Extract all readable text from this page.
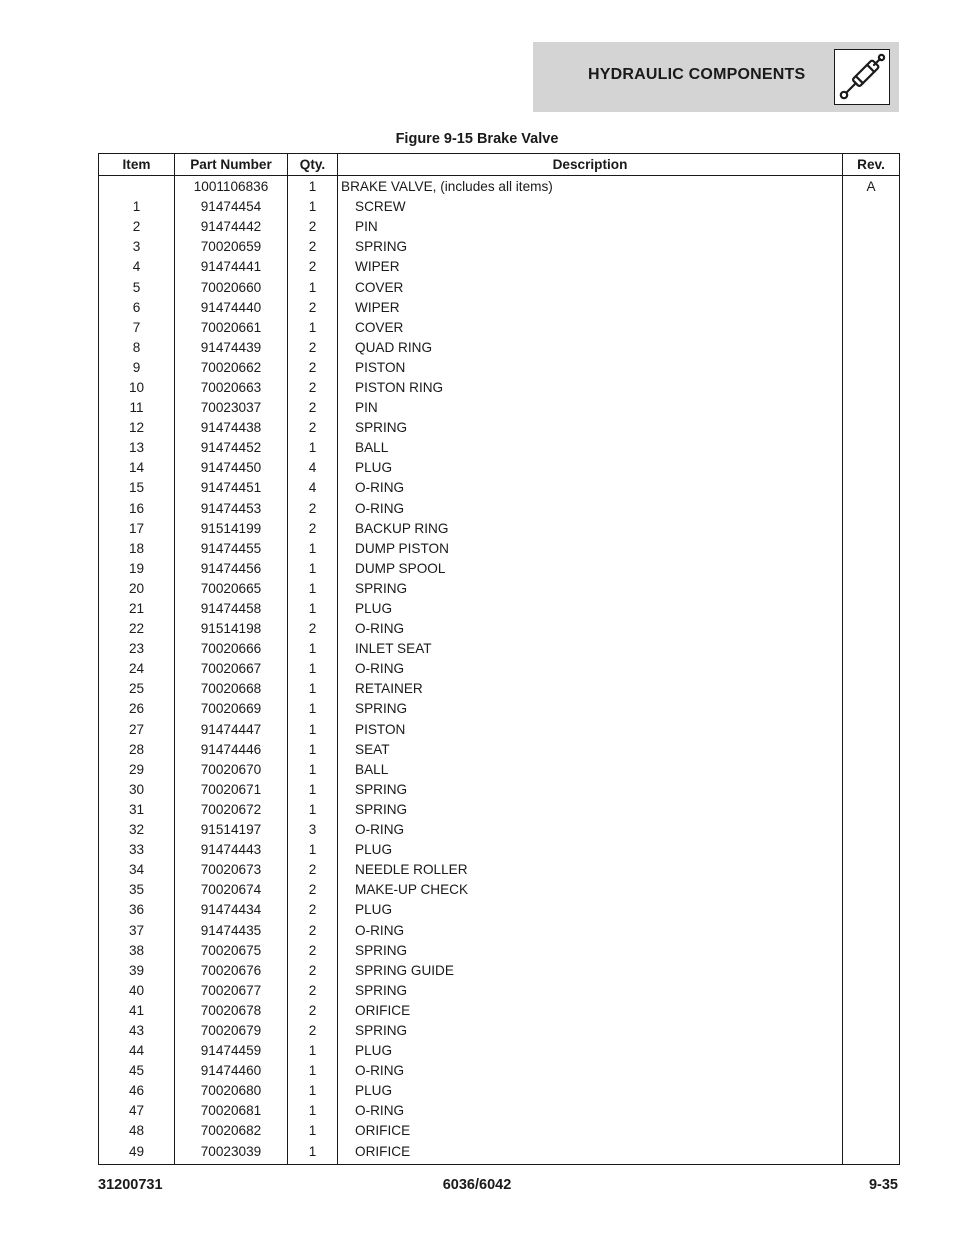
HYDRAULIC COMPONENTS
Figure 9-15 Brake Valve
Item	Part Number	Qty.	Description	Rev.
	1001106836	1	BRAKE VALVE, (includes all items)	A
1	91474454	1	SCREW	
2	91474442	2	PIN	
3	70020659	2	SPRING	
4	91474441	2	WIPER	
5	70020660	1	COVER	
6	91474440	2	WIPER	
7	70020661	1	COVER	
8	91474439	2	QUAD RING	
9	70020662	2	PISTON	
10	70020663	2	PISTON RING	
11	70023037	2	PIN	
12	91474438	2	SPRING	
13	91474452	1	BALL	
14	91474450	4	PLUG	
15	91474451	4	O-RING	
16	91474453	2	O-RING	
17	91514199	2	BACKUP RING	
18	91474455	1	DUMP PISTON	
19	91474456	1	DUMP SPOOL	
20	70020665	1	SPRING	
21	91474458	1	PLUG	
22	91514198	2	O-RING	
23	70020666	1	INLET SEAT	
24	70020667	1	O-RING	
25	70020668	1	RETAINER	
26	70020669	1	SPRING	
27	91474447	1	PISTON	
28	91474446	1	SEAT	
29	70020670	1	BALL	
30	70020671	1	SPRING	
31	70020672	1	SPRING	
32	91514197	3	O-RING	
33	91474443	1	PLUG	
34	70020673	2	NEEDLE ROLLER	
35	70020674	2	MAKE-UP CHECK	
36	91474434	2	PLUG	
37	91474435	2	O-RING	
38	70020675	2	SPRING	
39	70020676	2	SPRING GUIDE	
40	70020677	2	SPRING	
41	70020678	2	ORIFICE	
43	70020679	2	SPRING	
44	91474459	1	PLUG	
45	91474460	1	O-RING	
46	70020680	1	PLUG	
47	70020681	1	O-RING	
48	70020682	1	ORIFICE	
49	70023039	1	ORIFICE	
31200731	6036/6042	9-35
